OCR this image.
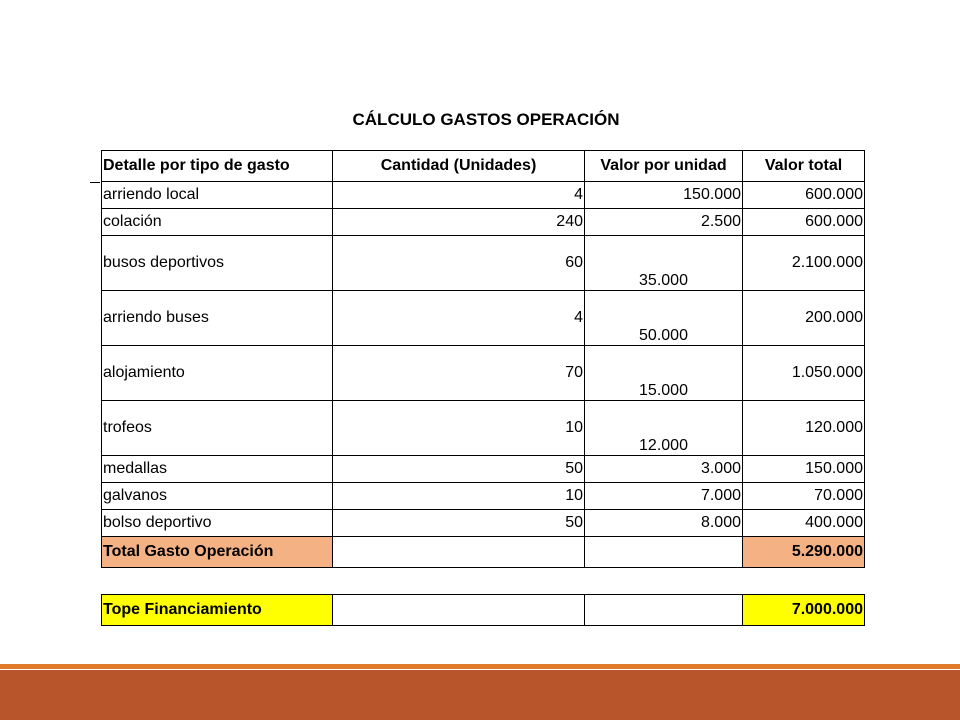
CÁLCULO GASTOS OPERACIÓN
Detalle por tipo de gasto	Cantidad (Unidades)	Valor por unidad	Valor total
arriendo local	4	150.000	600.000
colación	240	2.500	600.000
busos deportivos	60	35.000	2.100.000
arriendo buses	4	50.000	200.000
alojamiento	70	15.000	1.050.000
trofeos	10	12.000	120.000
medallas	50	3.000	150.000
galvanos	10	7.000	70.000
bolso deportivo	50	8.000	400.000
Total Gasto Operación			5.290.000

Tope Financiamiento			7.000.000
